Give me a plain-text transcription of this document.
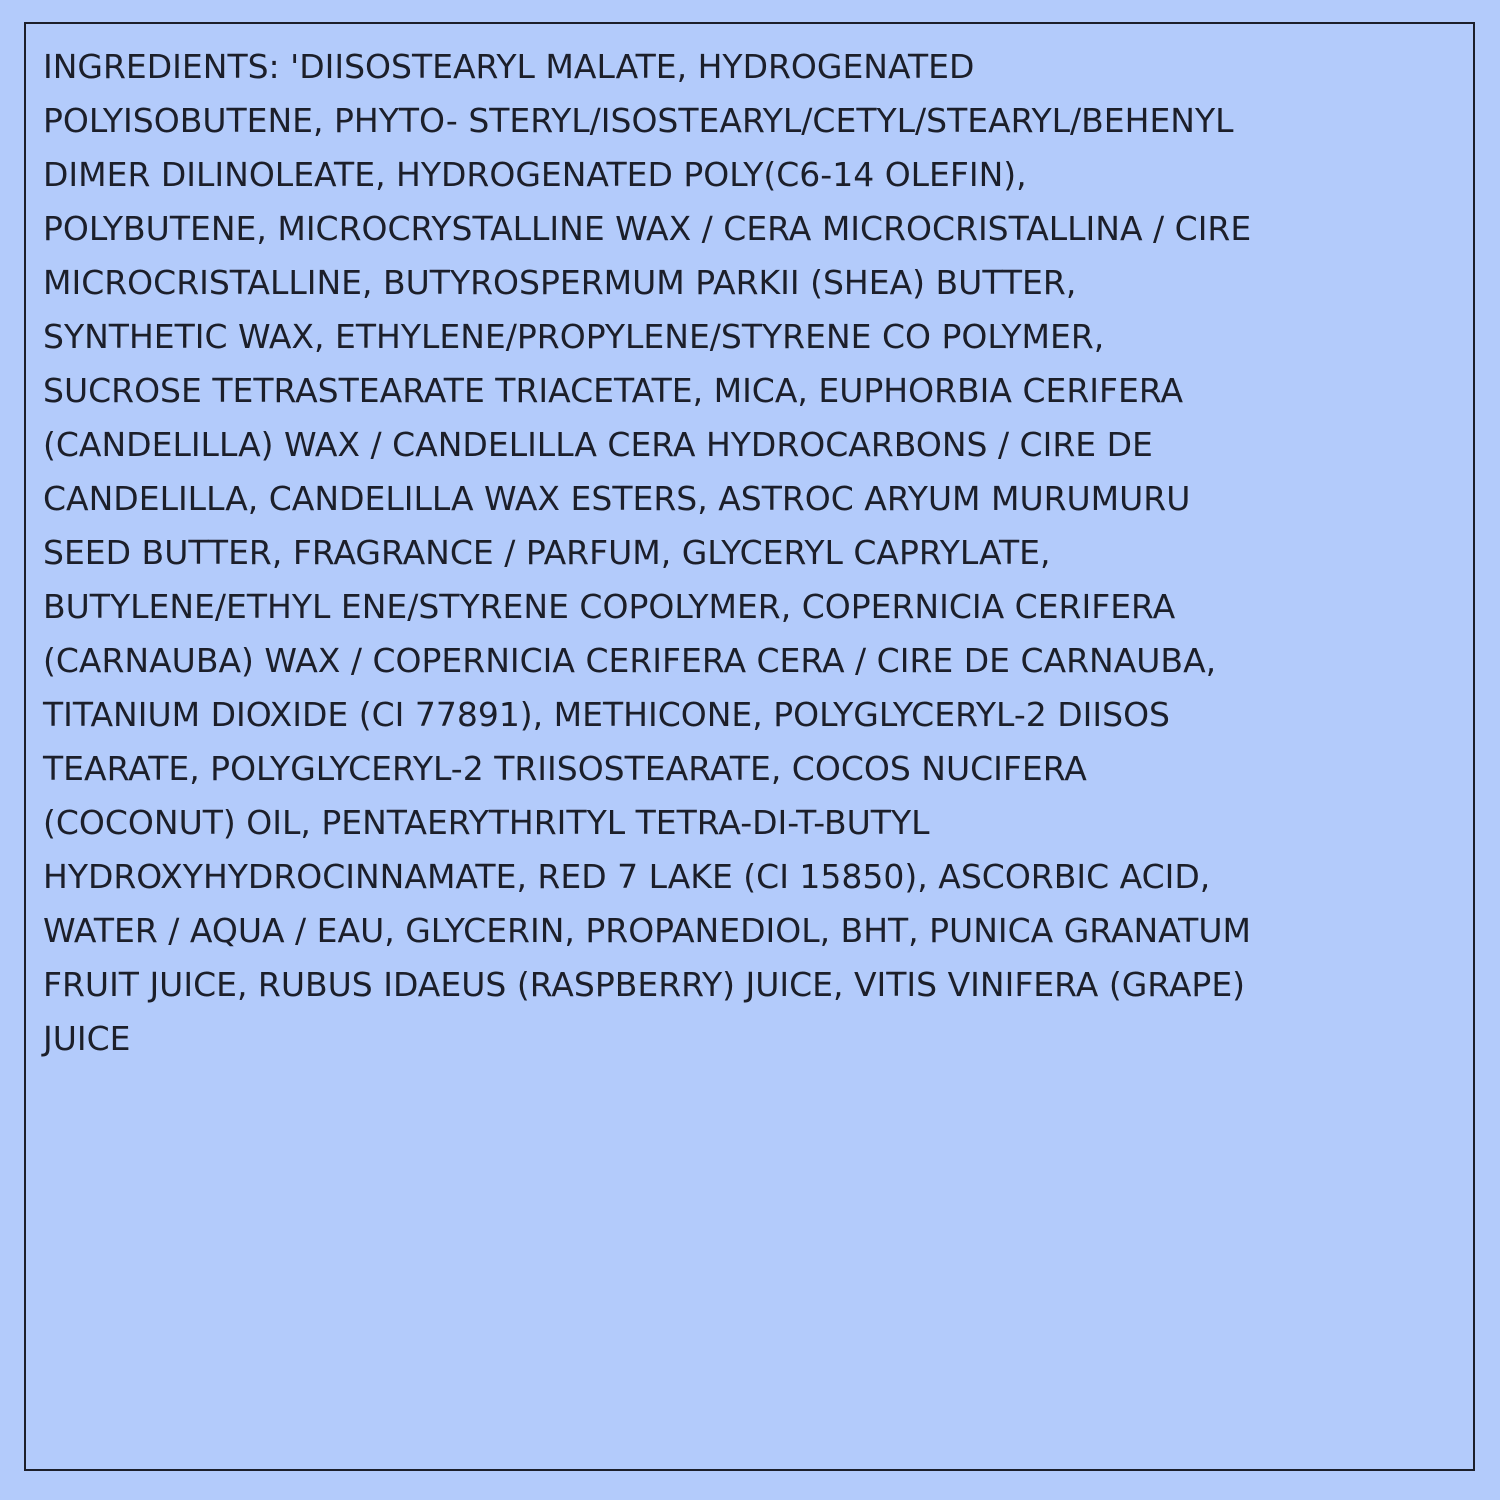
INGREDIENTS: 'DIISOSTEARYL MALATE, HYDROGENATED
POLYISOBUTENE, PHYTO- STERYL/ISOSTEARYL/CETYL/STEARYL/BEHENYL
DIMER DILINOLEATE, HYDROGENATED POLY(C6-14 OLEFIN),
POLYBUTENE, MICROCRYSTALLINE WAX / CERA MICROCRISTALLINA / CIRE
MICROCRISTALLINE, BUTYROSPERMUM PARKII (SHEA) BUTTER,
SYNTHETIC WAX, ETHYLENE/PROPYLENE/STYRENE CO POLYMER,
SUCROSE TETRASTEARATE TRIACETATE, MICA, EUPHORBIA CERIFERA
(CANDELILLA) WAX / CANDELILLA CERA HYDROCARBONS / CIRE DE
CANDELILLA, CANDELILLA WAX ESTERS, ASTROC ARYUM MURUMURU
SEED BUTTER, FRAGRANCE / PARFUM, GLYCERYL CAPRYLATE,
BUTYLENE/ETHYL ENE/STYRENE COPOLYMER, COPERNICIA CERIFERA
(CARNAUBA) WAX / COPERNICIA CERIFERA CERA / CIRE DE CARNAUBA,
TITANIUM DIOXIDE (CI 77891), METHICONE, POLYGLYCERYL-2 DIISOS
TEARATE, POLYGLYCERYL-2 TRIISOSTEARATE, COCOS NUCIFERA
(COCONUT) OIL, PENTAERYTHRITYL TETRA-DI-T-BUTYL
HYDROXYHYDROCINNAMATE, RED 7 LAKE (CI 15850), ASCORBIC ACID,
WATER / AQUA / EAU, GLYCERIN, PROPANEDIOL, BHT, PUNICA GRANATUM
FRUIT JUICE, RUBUS IDAEUS (RASPBERRY) JUICE, VITIS VINIFERA (GRAPE)
JUICE
